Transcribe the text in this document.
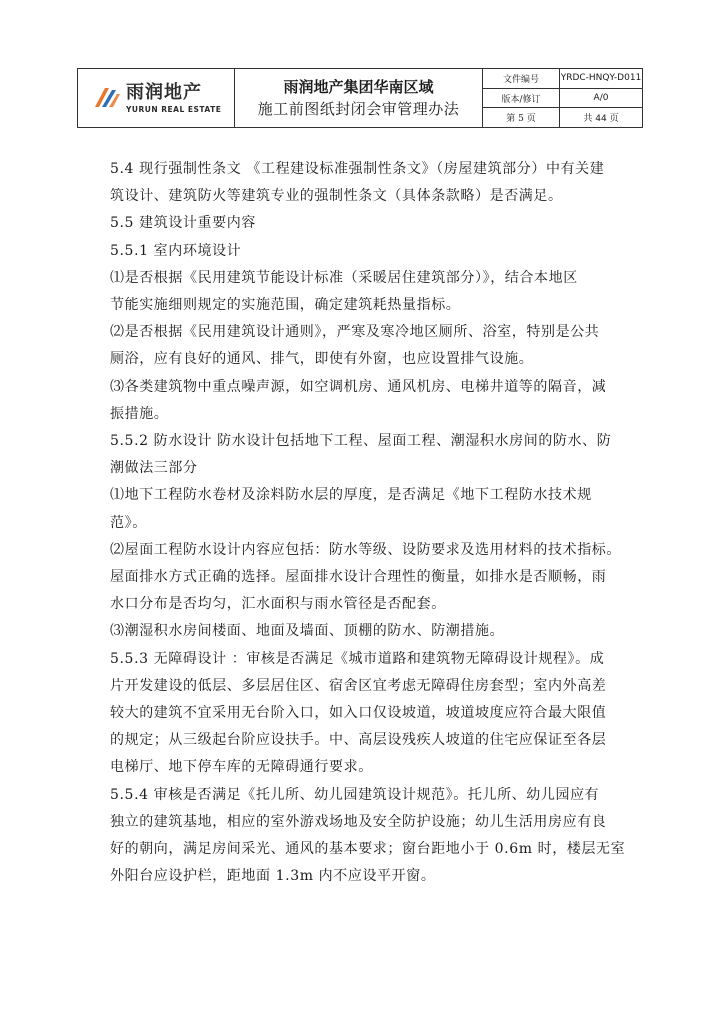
雨润地产
YURUN REAL ESTATE
雨润地产集团华南区域
施工前图纸封闭会审管理办法
文件编号	YRDC-HNQY-D011
版本/修订	A/0
第 5 页	共 44 页

5.4 现行强制性条文 《工程建设标准强制性条文》（房屋建筑部分）中有关建

筑设计、建筑防火等建筑专业的强制性条文（具体条款略）是否满足。

5.5 建筑设计重要内容

5.5.1 室内环境设计

⑴是否根据《民用建筑节能设计标准（采暖居住建筑部分）》，结合本地区

节能实施细则规定的实施范围，确定建筑耗热量指标。

⑵是否根据《民用建筑设计通则》，严寒及寒冷地区厕所、浴室，特别是公共

厕浴，应有良好的通风、排气，即使有外窗，也应设置排气设施。

⑶各类建筑物中重点噪声源，如空调机房、通风机房、电梯井道等的隔音，减

振措施。

5.5.2 防水设计 防水设计包括地下工程、屋面工程、潮湿积水房间的防水、防

潮做法三部分

⑴地下工程防水卷材及涂料防水层的厚度，是否满足《地下工程防水技术规

范》。

⑵屋面工程防水设计内容应包括：防水等级、设防要求及选用材料的技术指标。

屋面排水方式正确的选择。屋面排水设计合理性的衡量，如排水是否顺畅，雨

水口分布是否均匀，汇水面积与雨水管径是否配套。

⑶潮湿积水房间楼面、地面及墙面、顶棚的防水、防潮措施。

5.5.3 无障碍设计 ：审核是否满足《城市道路和建筑物无障碍设计规程》。成

片开发建设的低层、多层居住区、宿舍区宜考虑无障碍住房套型；室内外高差

较大的建筑不宜采用无台阶入口，如入口仅设坡道，坡道坡度应符合最大限值

的规定；从三级起台阶应设扶手。中、高层设残疾人坡道的住宅应保证至各层

电梯厅、地下停车库的无障碍通行要求。

5.5.4 审核是否满足《托儿所、幼儿园建筑设计规范》。托儿所、幼儿园应有

独立的建筑基地，相应的室外游戏场地及安全防护设施；幼儿生活用房应有良

好的朝向，满足房间采光、通风的基本要求；窗台距地小于 0.6m 时，楼层无室

外阳台应设护栏，距地面 1.3m 内不应设平开窗。
